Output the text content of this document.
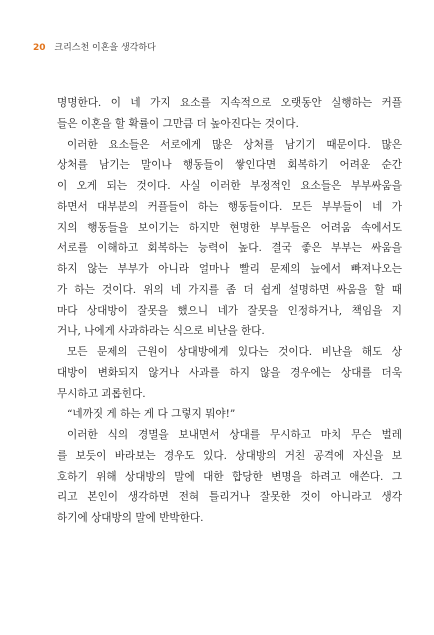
20 크리스천 이혼을 생각하다
명명한다. 이 네 가지 요소를 지속적으로 오랫동안 실행하는 커플
들은 이혼을 할 확률이 그만큼 더 높아진다는 것이다.
이러한 요소들은 서로에게 많은 상처를 남기기 때문이다. 많은
상처를 남기는 말이나 행동들이 쌓인다면 회복하기 어려운 순간
이 오게 되는 것이다. 사실 이러한 부정적인 요소들은 부부싸움을
하면서 대부분의 커플들이 하는 행동들이다. 모든 부부들이 네 가
지의 행동들을 보이기는 하지만 현명한 부부들은 어려움 속에서도
서로를 이해하고 회복하는 능력이 높다. 결국 좋은 부부는 싸움을
하지 않는 부부가 아니라 얼마나 빨리 문제의 늪에서 빠져나오는
가 하는 것이다. 위의 네 가지를 좀 더 쉽게 설명하면 싸움을 할 때
마다 상대방이 잘못을 했으니 네가 잘못을 인정하거나, 책임을 지
거나, 나에게 사과하라는 식으로 비난을 한다.
모든 문제의 근원이 상대방에게 있다는 것이다. 비난을 해도 상
대방이 변화되지 않거나 사과를 하지 않을 경우에는 상대를 더욱
무시하고 괴롭힌다.
“네까짓 게 하는 게 다 그렇지 뭐야!”
이러한 식의 경멸을 보내면서 상대를 무시하고 마치 무슨 벌레
를 보듯이 바라보는 경우도 있다. 상대방의 거친 공격에 자신을 보
호하기 위해 상대방의 말에 대한 합당한 변명을 하려고 애쓴다. 그
리고 본인이 생각하면 전혀 틀리거나 잘못한 것이 아니라고 생각
하기에 상대방의 말에 반박한다.
